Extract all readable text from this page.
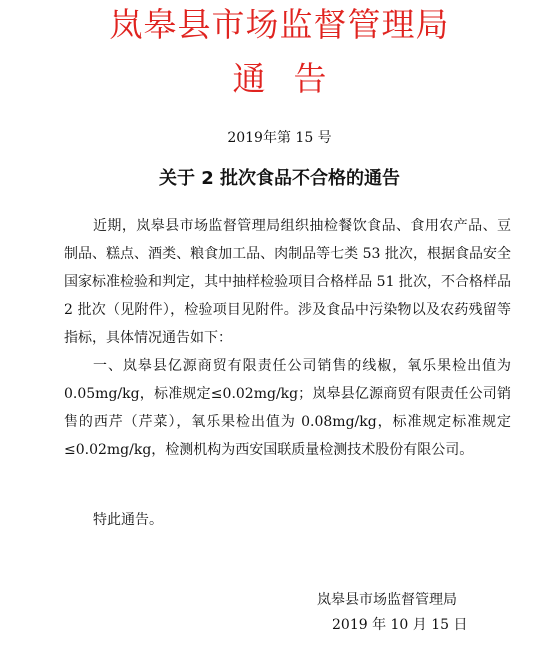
岚皋县市场监督管理局
通告
2019年第 15 号
关于 2 批次食品不合格的通告

近期，岚皋县市场监督管理局组织抽检餐饮食品、食用农产品、豆制品、糕点、酒类、粮食加工品、肉制品等七类 53 批次，根据食品安全国家标准检验和判定，其中抽样检验项目合格样品 51 批次，不合格样品 2 批次（见附件），检验项目见附件。涉及食品中污染物以及农药残留等指标，具体情况通告如下：

一、岚皋县亿源商贸有限责任公司销售的线椒，氧乐果检出值为 0.05mg/kg，标准规定≤0.02mg/kg；岚皋县亿源商贸有限责任公司销售的西芹（芹菜），氧乐果检出值为 0.08mg/kg，标准规定标准规定≤0.02mg/kg，检测机构为西安国联质量检测技术股份有限公司。

特此通告。
岚皋县市场监督管理局
2019 年 10 月 15 日
